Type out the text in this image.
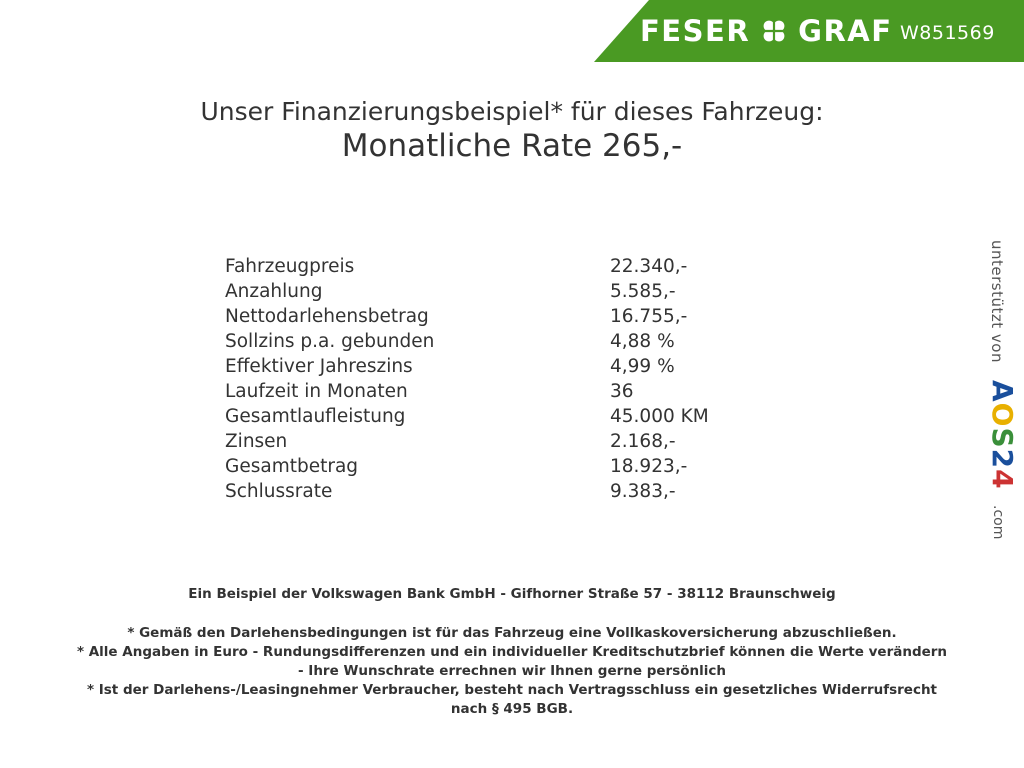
FESER GRAF W851569
Unser Finanzierungsbeispiel* für dieses Fahrzeug:
Monatliche Rate 265,-
Fahrzeugpreis	22.340,-
Anzahlung	5.585,-
Nettodarlehensbetrag	16.755,-
Sollzins p.a. gebunden	4,88 %
Effektiver Jahreszins	4,99 %
Laufzeit in Monaten	36
Gesamtlaufleistung	45.000 KM
Zinsen	2.168,-
Gesamtbetrag	18.923,-
Schlussrate	9.383,-
Ein Beispiel der Volkswagen Bank GmbH - Gifhorner Straße 57 - 38112 Braunschweig
* Gemäß den Darlehensbedingungen ist für das Fahrzeug eine Vollkaskoversicherung abzuschließen.
* Alle Angaben in Euro - Rundungsdifferenzen und ein individueller Kreditschutzbrief können die Werte verändern
- Ihre Wunschrate errechnen wir Ihnen gerne persönlich
* Ist der Darlehens-/Leasingnehmer Verbraucher, besteht nach Vertragsschluss ein gesetzliches Widerrufsrecht
nach § 495 BGB.
unterstützt von
AOS24
.com
